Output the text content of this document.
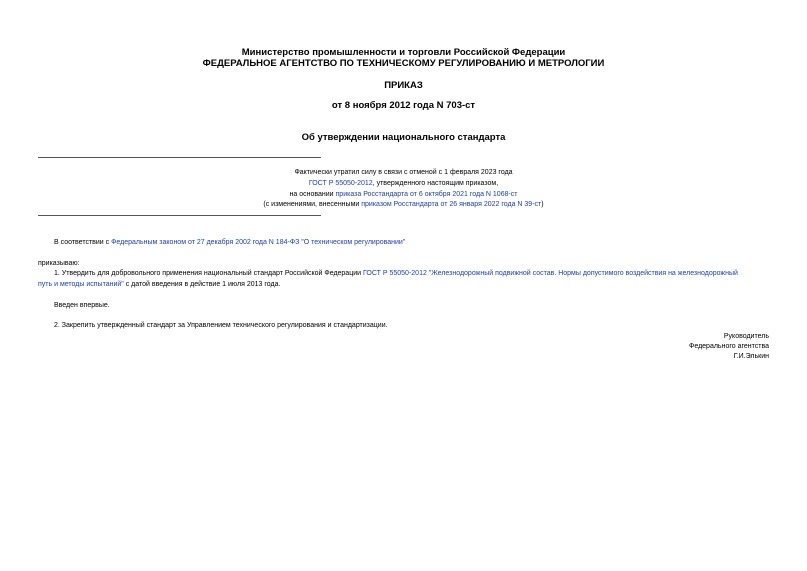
Министерство промышленности и торговли Российской Федерации
ФЕДЕРАЛЬНОЕ АГЕНТСТВО ПО ТЕХНИЧЕСКОМУ РЕГУЛИРОВАНИЮ И МЕТРОЛОГИИ
ПРИКАЗ
от 8 ноября 2012 года N 703-ст
Об утверждении национального стандарта
Фактически утратил силу в связи с отменой с 1 февраля 2023 года
ГОСТ Р 55050-2012, утвержденного настоящим приказом,
на основании приказа Росстандарта от 6 октября 2021 года N 1068-ст
(с изменениями, внесенными приказом Росстандарта от 26 января 2022 года N 39-ст)
В соответствии с Федеральным законом от 27 декабря 2002 года N 184-ФЗ "О техническом регулировании"
приказываю:
1. Утвердить для добровольного применения национальный стандарт Российской Федерации ГОСТ Р 55050-2012 "Железнодорожный подвижной состав. Нормы допустимого воздействия на железнодорожный
путь и методы испытаний" с датой введения в действие 1 июля 2013 года.
Введен впервые.
2. Закрепить утвержденный стандарт за Управлением технического регулирования и стандартизации.
Руководитель
Федерального агентства
Г.И.Элькин
